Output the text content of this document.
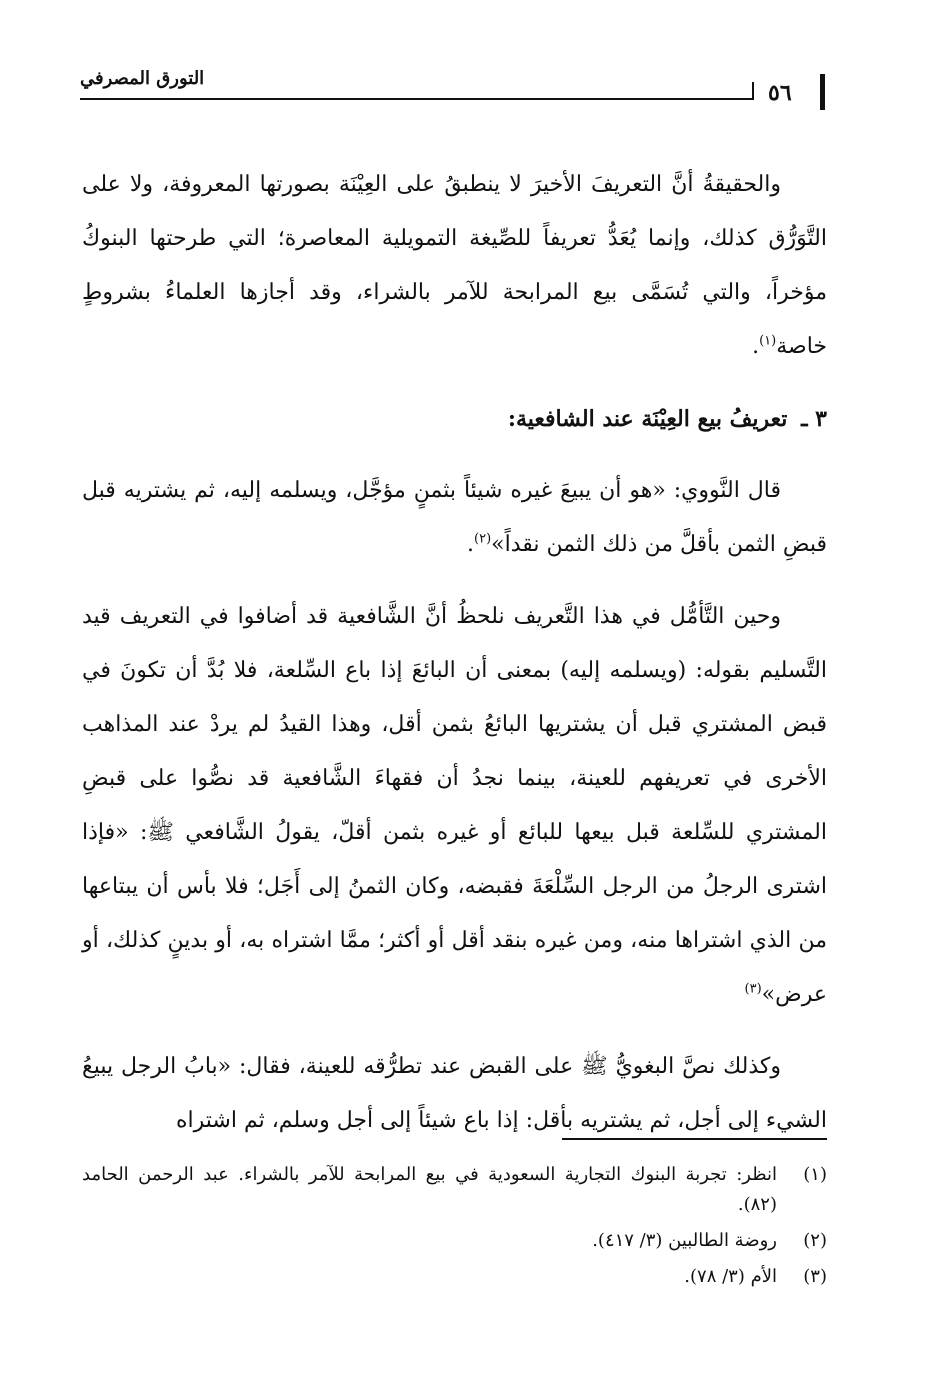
التورق المصرفي
٥٦

والحقيقةُ أنَّ التعريفَ الأخيرَ لا ينطبقُ على العِيْنَة بصورتها المعروفة، ولا على التَّوَرُّق كذلك، وإنما يُعَدُّ تعريفاً للصِّيغة التمويلية المعاصرة؛ التي طرحتها البنوكُ مؤخراً، والتي تُسَمَّى بيع المرابحة للآمر بالشراء، وقد أجازها العلماءُ بشروطٍ خاصة$^{(١)}$.

٣ ـ تعريفُ بيع العِيْنَة عند الشافعية:

قال النَّووي: «هو أن يبيعَ غيره شيئاً بثمنٍ مؤجَّل، ويسلمه إليه، ثم يشتريه قبل قبضِ الثمن بأقلَّ من ذلك الثمن نقداً»$^{(٢)}$.

وحين التَّأمُّل في هذا التَّعريف نلحظُ أنَّ الشَّافعية قد أضافوا في التعريف قيد التَّسليم بقوله: (ويسلمه إليه) بمعنى أن البائعَ إذا باع السِّلعة، فلا بُدَّ أن تكونَ في قبض المشتري قبل أن يشتريها البائعُ بثمن أقل، وهذا القيدُ لم يردْ عند المذاهب الأخرى في تعريفهم للعينة، بينما نجدُ أن فقهاءَ الشَّافعية قد نصُّوا على قبضِ المشتري للسِّلعة قبل بيعها للبائع أو غيره بثمن أقلّ، يقولُ الشَّافعي ﷺ: «فإذا اشترى الرجلُ من الرجل السِّلْعَةَ فقبضه، وكان الثمنُ إلى أَجَل؛ فلا بأس أن يبتاعها من الذي اشتراها منه، ومن غيره بنقد أقل أو أكثر؛ ممَّا اشتراه به، أو بدينٍ كذلك، أو عرض»$^{(٣)}$

وكذلك نصَّ البغويُّ ﷺ على القبض عند تطرُّقه للعينة، فقال: «بابُ الرجل يبيعُ الشيء إلى أجل، ثم يشتريه بأقل: إذا باع شيئاً إلى أجل وسلم، ثم اشتراه

(١)
انظر: تجربة البنوك التجارية السعودية في بيع المرابحة للآمر بالشراء. عبد الرحمن الحامد (٨٢).
(٢)
روضة الطالبين (٣/ ٤١٧).
(٣)
الأم (٣/ ٧٨).
